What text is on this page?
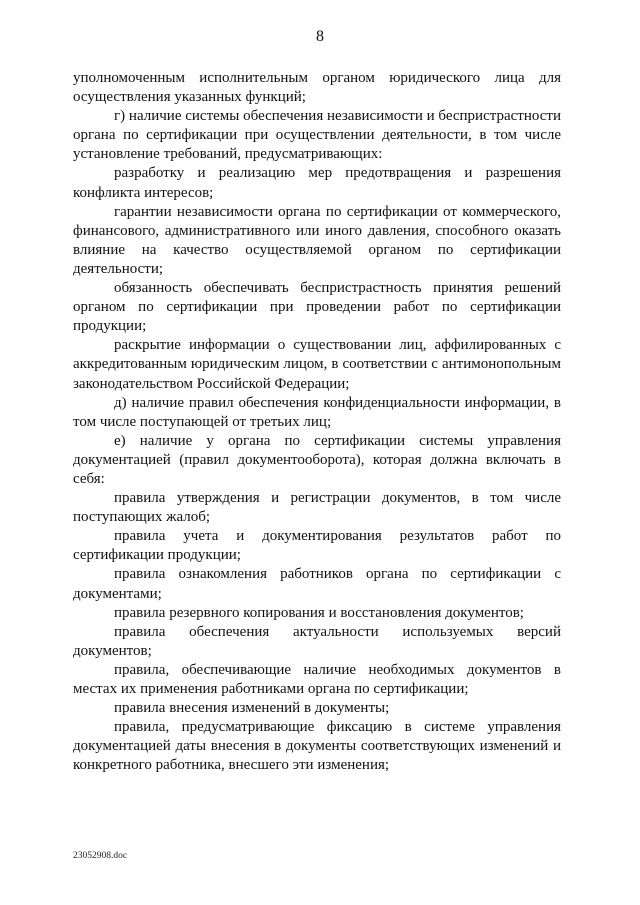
8

уполномоченным исполнительным органом юридического лица для осуществления указанных функций;

г) наличие системы обеспечения независимости и беспристрастности органа по сертификации при осуществлении деятельности, в том числе установление требований, предусматривающих:

разработку и реализацию мер предотвращения и разрешения конфликта интересов;

гарантии независимости органа по сертификации от коммерческого, финансового, административного или иного давления, способного оказать влияние на качество осуществляемой органом по сертификации деятельности;

обязанность обеспечивать беспристрастность принятия решений органом по сертификации при проведении работ по сертификации продукции;

раскрытие информации о существовании лиц, аффилированных с аккредитованным юридическим лицом, в соответствии с антимонопольным законодательством Российской Федерации;

д) наличие правил обеспечения конфиденциальности информации, в том числе поступающей от третьих лиц;

е) наличие у органа по сертификации системы управления документацией (правил документооборота), которая должна включать в себя:

правила утверждения и регистрации документов, в том числе поступающих жалоб;

правила учета и документирования результатов работ по сертификации продукции;

правила ознакомления работников органа по сертификации с документами;

правила резервного копирования и восстановления документов;

правила обеспечения актуальности используемых версий документов;

правила, обеспечивающие наличие необходимых документов в местах их применения работниками органа по сертификации;

правила внесения изменений в документы;

правила, предусматривающие фиксацию в системе управления документацией даты внесения в документы соответствующих изменений и конкретного работника, внесшего эти изменения;

23052908.doc
